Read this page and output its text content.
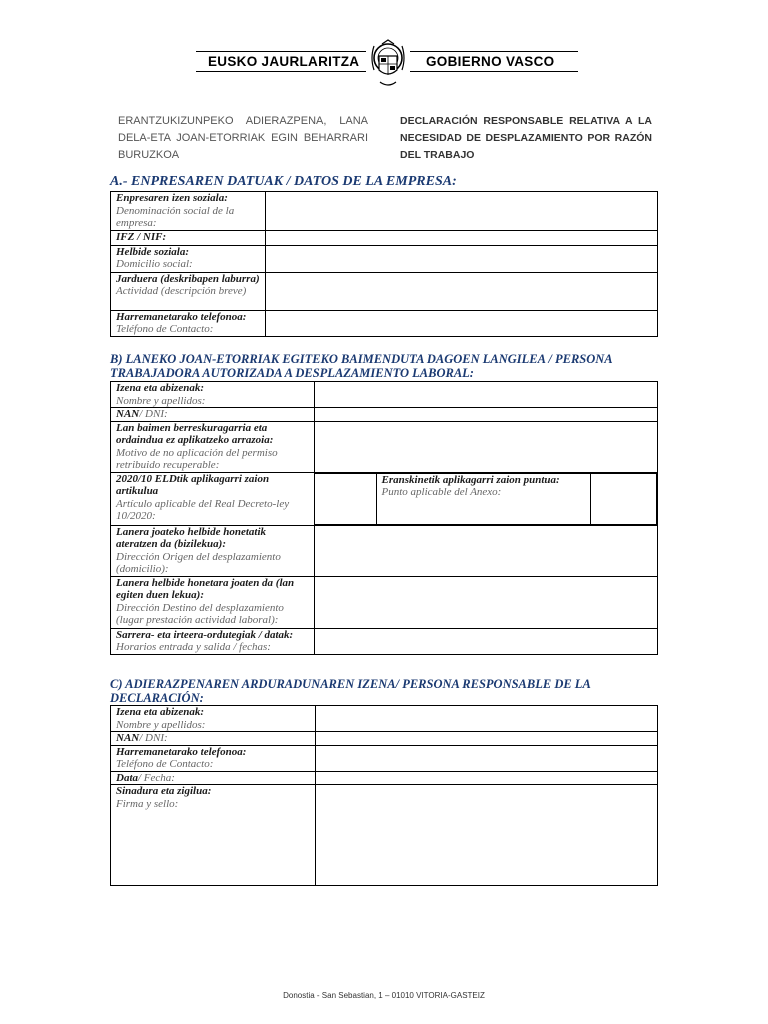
EUSKO JAURLARITZA	GOBIERNO VASCO
ERANTZUKIZUNPEKO ADIERAZPENA, LANA DELA-ETA JOAN-ETORRIAK EGIN BEHARRARI BURUZKOA
DECLARACIÓN RESPONSABLE RELATIVA A LA NECESIDAD DE DESPLAZAMIENTO POR RAZÓN DEL TRABAJO
A.- ENPRESAREN DATUAK / DATOS DE LA EMPRESA:
Enpresaren izen soziala:
Denominación social de la empresa:	

IFZ / NIF:	

Helbide soziala:
Domicilio social:	

Jarduera (deskribapen laburra)
Actividad (descripción breve)	

Harremanetarako telefonoa:
Teléfono de Contacto:	

B) LANEKO JOAN-ETORRIAK EGITEKO BAIMENDUTA DAGOEN LANGILEA / PERSONA TRABAJADORA AUTORIZADA A DESPLAZAMIENTO LABORAL:
Izena eta abizenak:
Nombre y apellidos:

NAN/ DNI:	

Lan baimen berreskuragarria eta ordaindua ez aplikatzeko arrazoia:
Motivo de no aplicación del permiso retribuido recuperable:

2020/10 ELDtik aplikagarri zaion artikulua
Artículo aplicable del Real Decreto-ley 10/2020:

Eranskinetik aplikagarri zaion puntua:
Punto aplicable del Anexo:

Lanera joateko helbide honetatik ateratzen da (bizilekua):
Dirección Origen del desplazamiento (domicilio):

Lanera helbide honetara joaten da (lan egiten duen lekua):
Dirección Destino del desplazamiento (lugar prestación actividad laboral):

Sarrera- eta irteera-ordutegiak / datak:
Horarios entrada y salida / fechas:

C) ADIERAZPENAREN ARDURADUNAREN IZENA/ PERSONA RESPONSABLE DE LA DECLARACIÓN:
Izena eta abizenak:
Nombre y apellidos:	

NAN/ DNI:	

Harremanetarako telefonoa:
Teléfono de Contacto:	

Data/ Fecha:	

Sinadura eta zigilua:
Firma y sello:	

Donostia - San Sebastian, 1 – 01010 VITORIA-GASTEIZ
